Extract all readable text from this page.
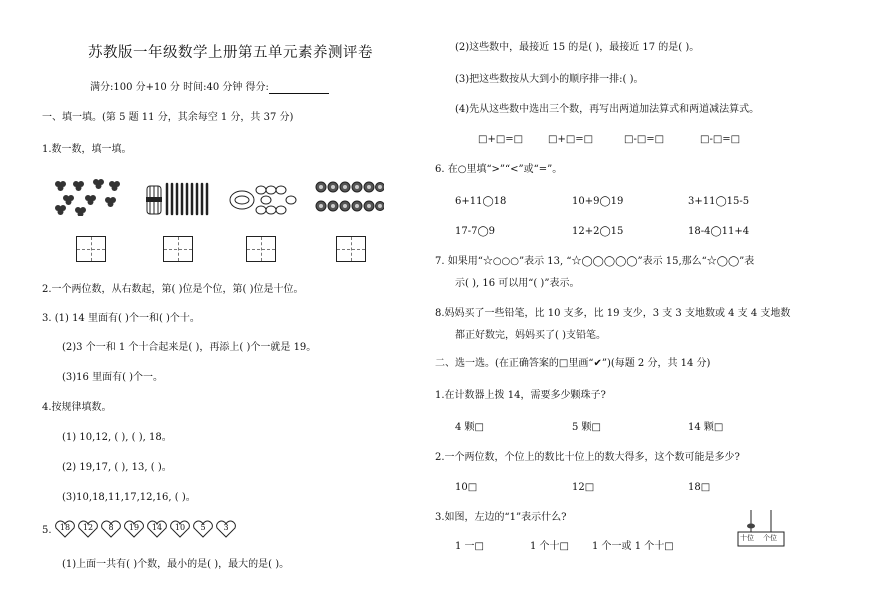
苏教版一年级数学上册第五单元素养测评卷
满分:100 分+10 分 时间:40 分钟 得分:
一、填一填。(第 5 题 11 分，其余每空 1 分，共 37 分)
1.数一数，填一填。
2.一个两位数，从右数起，第( )位是个位，第( )位是十位。
3. (1) 14 里面有( )个一和( )个十。
(2)3 个一和 1 个十合起来是( )，再添上( )个一就是 19。
(3)16 里面有( )个一。
4.按规律填数。
(1) 10,12, ( ), ( ), 18。
(2) 19,17, ( ), 13, ( )。
(3)10,18,11,17,12,16, ( )。
5.	18	12	8	19	14	10	5	3
(1)上面一共有( )个数，最小的是( )，最大的是( )。
(2)这些数中，最接近 15 的是( )，最接近 17 的是( )。
(3)把这些数按从大到小的顺序排一排:( )。
(4)先从这些数中选出三个数，再写出两道加法算式和两道减法算式。
□+□=□ □+□=□	□-□=□	□-□=□
6. 在○里填“>”“<”或“=”。
6+11◯18	10+9◯19	3+11◯15-5
17-7◯9	12+2◯15	18-4◯11+4
7. 如果用“☆○○○”表示 13, “☆◯◯◯◯◯”表示 15,那么“☆◯◯”表
示( ), 16 可以用“( )”表示。
8.妈妈买了一些铅笔，比 10 支多，比 19 支少，3 支 3 支地数或 4 支 4 支地数
都正好数完，妈妈买了( )支铅笔。
二、选一选。(在正确答案的□里画“✔”)(每题 2 分，共 14 分)
1.在计数器上拨 14，需要多少颗珠子?
4 颗□	5 颗□	14 颗□
2.一个两位数，个位上的数比十位上的数大得多，这个数可能是多少?
10□	12□	18□
3.如图，左边的“1”表示什么?
1 一□	1 个十□ 1 个一或 1 个十□
十位 个位
